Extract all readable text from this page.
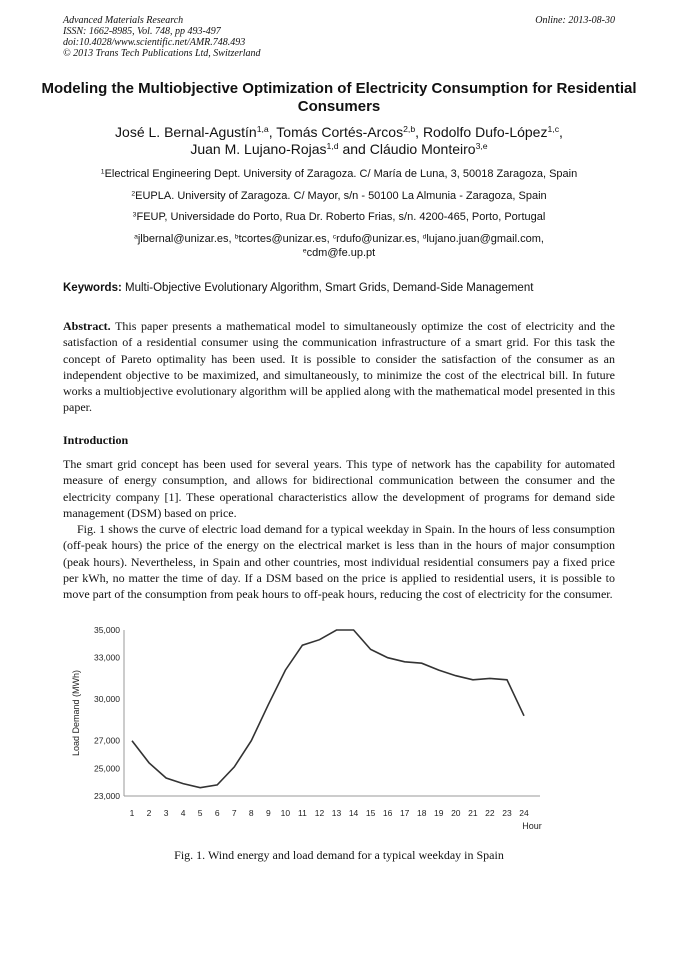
Advanced Materials Research
ISSN: 1662-8985, Vol. 748, pp 493-497
doi:10.4028/www.scientific.net/AMR.748.493
© 2013 Trans Tech Publications Ltd, Switzerland
Online: 2013-08-30
Modeling the Multiobjective Optimization of Electricity Consumption for Residential Consumers
José L. Bernal-Agustín$^{1,a}$, Tomás Cortés-Arcos$^{2,b}$, Rodolfo Dufo-López$^{1,c}$,
Juan M. Lujano-Rojas$^{1,d}$ and Cláudio Monteiro$^{3,e}$
$^1$Electrical Engineering Dept. University of Zaragoza. C/ María de Luna, 3, 50018 Zaragoza, Spain
$^2$EUPLA. University of Zaragoza. C/ Mayor, s/n - 50100 La Almunia - Zaragoza, Spain
$^3$FEUP, Universidade do Porto, Rua Dr. Roberto Frias, s/n. 4200-465, Porto, Portugal
$^a$jlbernal@unizar.es, $^b$tcortes@unizar.es, $^c$rdufo@unizar.es, $^d$lujano.juan@gmail.com,
$^e$cdm@fe.up.pt
Keywords: Multi-Objective Evolutionary Algorithm, Smart Grids, Demand-Side Management
Abstract. This paper presents a mathematical model to simultaneously optimize the cost of electricity and the satisfaction of a residential consumer using the communication infrastructure of a smart grid. For this task the concept of Pareto optimality has been used. It is possible to consider the satisfaction of the consumer as an independent objective to be maximized, and simultaneously, to minimize the cost of the electrical bill. In future works a multiobjective evolutionary algorithm will be applied along with the mathematical model presented in this paper.
Introduction

The smart grid concept has been used for several years. This type of network has the capability for automated measure of energy consumption, and allows for bidirectional communication between the consumer and the electricity company [1]. These operational characteristics allow the development of programs for demand side management (DSM) based on price.

Fig. 1 shows the curve of electric load demand for a typical weekday in Spain. In the hours of less consumption (off-peak hours) the price of the energy on the electrical market is less than in the hours of major consumption (peak hours). Nevertheless, in Spain and other countries, most individual residential consumers pay a fixed price per kWh, no matter the time of day. If a DSM based on the price is applied to residential users, it is possible to move part of the consumption from peak hours to off-peak hours, reducing the cost of electricity for the consumer.

23,000
25,000
27,000
30,000
33,000
35,000
1 2 3 4 5 6 7 8 9 10 11 12 13 14 15 16 17 18 19 20 21 22 23 24
Load Demand (MWh)
Hour
Fig. 1. Wind energy and load demand for a typical weekday in Spain
